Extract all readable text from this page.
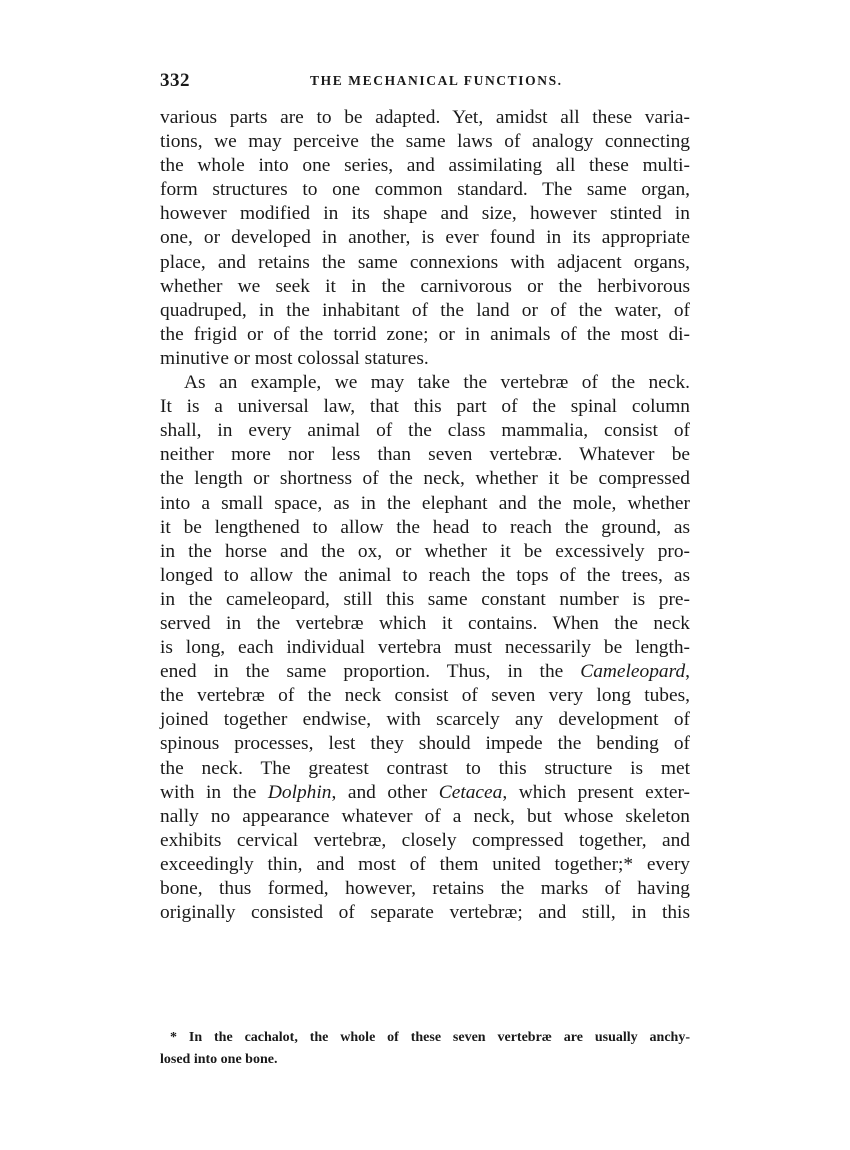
332	THE MECHANICAL FUNCTIONS.
various parts are to be adapted. Yet, amidst all these varia-
tions, we may perceive the same laws of analogy connecting
the whole into one series, and assimilating all these multi-
form structures to one common standard. The same organ,
however modified in its shape and size, however stinted in
one, or developed in another, is ever found in its appropriate
place, and retains the same connexions with adjacent organs,
whether we seek it in the carnivorous or the herbivorous
quadruped, in the inhabitant of the land or of the water, of
the frigid or of the torrid zone; or in animals of the most di-
minutive or most colossal statures.
As an example, we may take the vertebræ of the neck.
It is a universal law, that this part of the spinal column
shall, in every animal of the class mammalia, consist of
neither more nor less than seven vertebræ. Whatever be
the length or shortness of the neck, whether it be compressed
into a small space, as in the elephant and the mole, whether
it be lengthened to allow the head to reach the ground, as
in the horse and the ox, or whether it be excessively pro-
longed to allow the animal to reach the tops of the trees, as
in the cameleopard, still this same constant number is pre-
served in the vertebræ which it contains. When the neck
is long, each individual vertebra must necessarily be length-
ened in the same proportion. Thus, in the Cameleopard,
the vertebræ of the neck consist of seven very long tubes,
joined together endwise, with scarcely any development of
spinous processes, lest they should impede the bending of
the neck. The greatest contrast to this structure is met
with in the Dolphin, and other Cetacea, which present exter-
nally no appearance whatever of a neck, but whose skeleton
exhibits cervical vertebræ, closely compressed together, and
exceedingly thin, and most of them united together;* every
bone, thus formed, however, retains the marks of having
originally consisted of separate vertebræ; and still, in this
* In the cachalot, the whole of these seven vertebræ are usually anchy-
losed into one bone.
